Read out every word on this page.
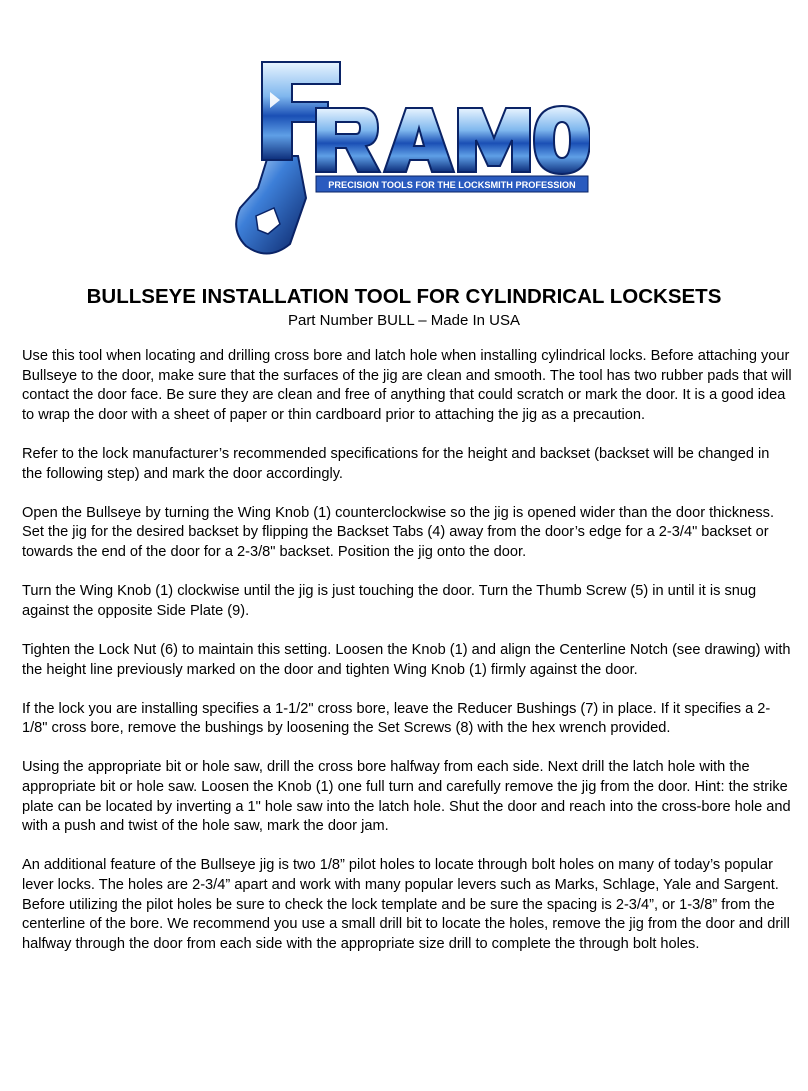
PRECISION TOOLS FOR THE LOCKSMITH PROFESSION
BULLSEYE INSTALLATION TOOL FOR CYLINDRICAL LOCKSETS
Part Number BULL – Made In USA

Use this tool when locating and drilling cross bore and latch hole when installing cylindrical locks. Before attaching your Bullseye to the door, make sure that the surfaces of the jig are clean and smooth. The tool has two rubber pads that will contact the door face. Be sure they are clean and free of anything that could scratch or mark the door. It is a good idea to wrap the door with a sheet of paper or thin cardboard prior to attaching the jig as a precaution.

Refer to the lock manufacturer’s recommended specifications for the height and backset (backset will be changed in the following step) and mark the door accordingly.

Open the Bullseye by turning the Wing Knob (1) counterclockwise so the jig is opened wider than the door thickness. Set the jig for the desired backset by flipping the Backset Tabs (4) away from the door’s edge for a 2-3/4" backset or towards the end of the door for a 2-3/8" backset. Position the jig onto the door.

Turn the Wing Knob (1) clockwise until the jig is just touching the door. Turn the Thumb Screw (5) in until it is snug against the opposite Side Plate (9).

Tighten the Lock Nut (6) to maintain this setting. Loosen the Knob (1) and align the Centerline Notch (see drawing) with the height line previously marked on the door and tighten Wing Knob (1) firmly against the door.

If the lock you are installing specifies a 1-1/2" cross bore, leave the Reducer Bushings (7) in place. If it specifies a 2-1/8" cross bore, remove the bushings by loosening the Set Screws (8) with the hex wrench provided.

Using the appropriate bit or hole saw, drill the cross bore halfway from each side. Next drill the latch hole with the appropriate bit or hole saw. Loosen the Knob (1) one full turn and carefully remove the jig from the door. Hint: the strike plate can be located by inverting a 1" hole saw into the latch hole. Shut the door and reach into the cross-bore hole and with a push and twist of the hole saw, mark the door jam.

An additional feature of the Bullseye jig is two 1/8” pilot holes to locate through bolt holes on many of today’s popular lever locks. The holes are 2-3/4” apart and work with many popular levers such as Marks, Schlage, Yale and Sargent. Before utilizing the pilot holes be sure to check the lock template and be sure the spacing is 2-3/4”, or 1-3/8” from the centerline of the bore. We recommend you use a small drill bit to locate the holes, remove the jig from the door and drill halfway through the door from each side with the appropriate size drill to complete the through bolt holes.
